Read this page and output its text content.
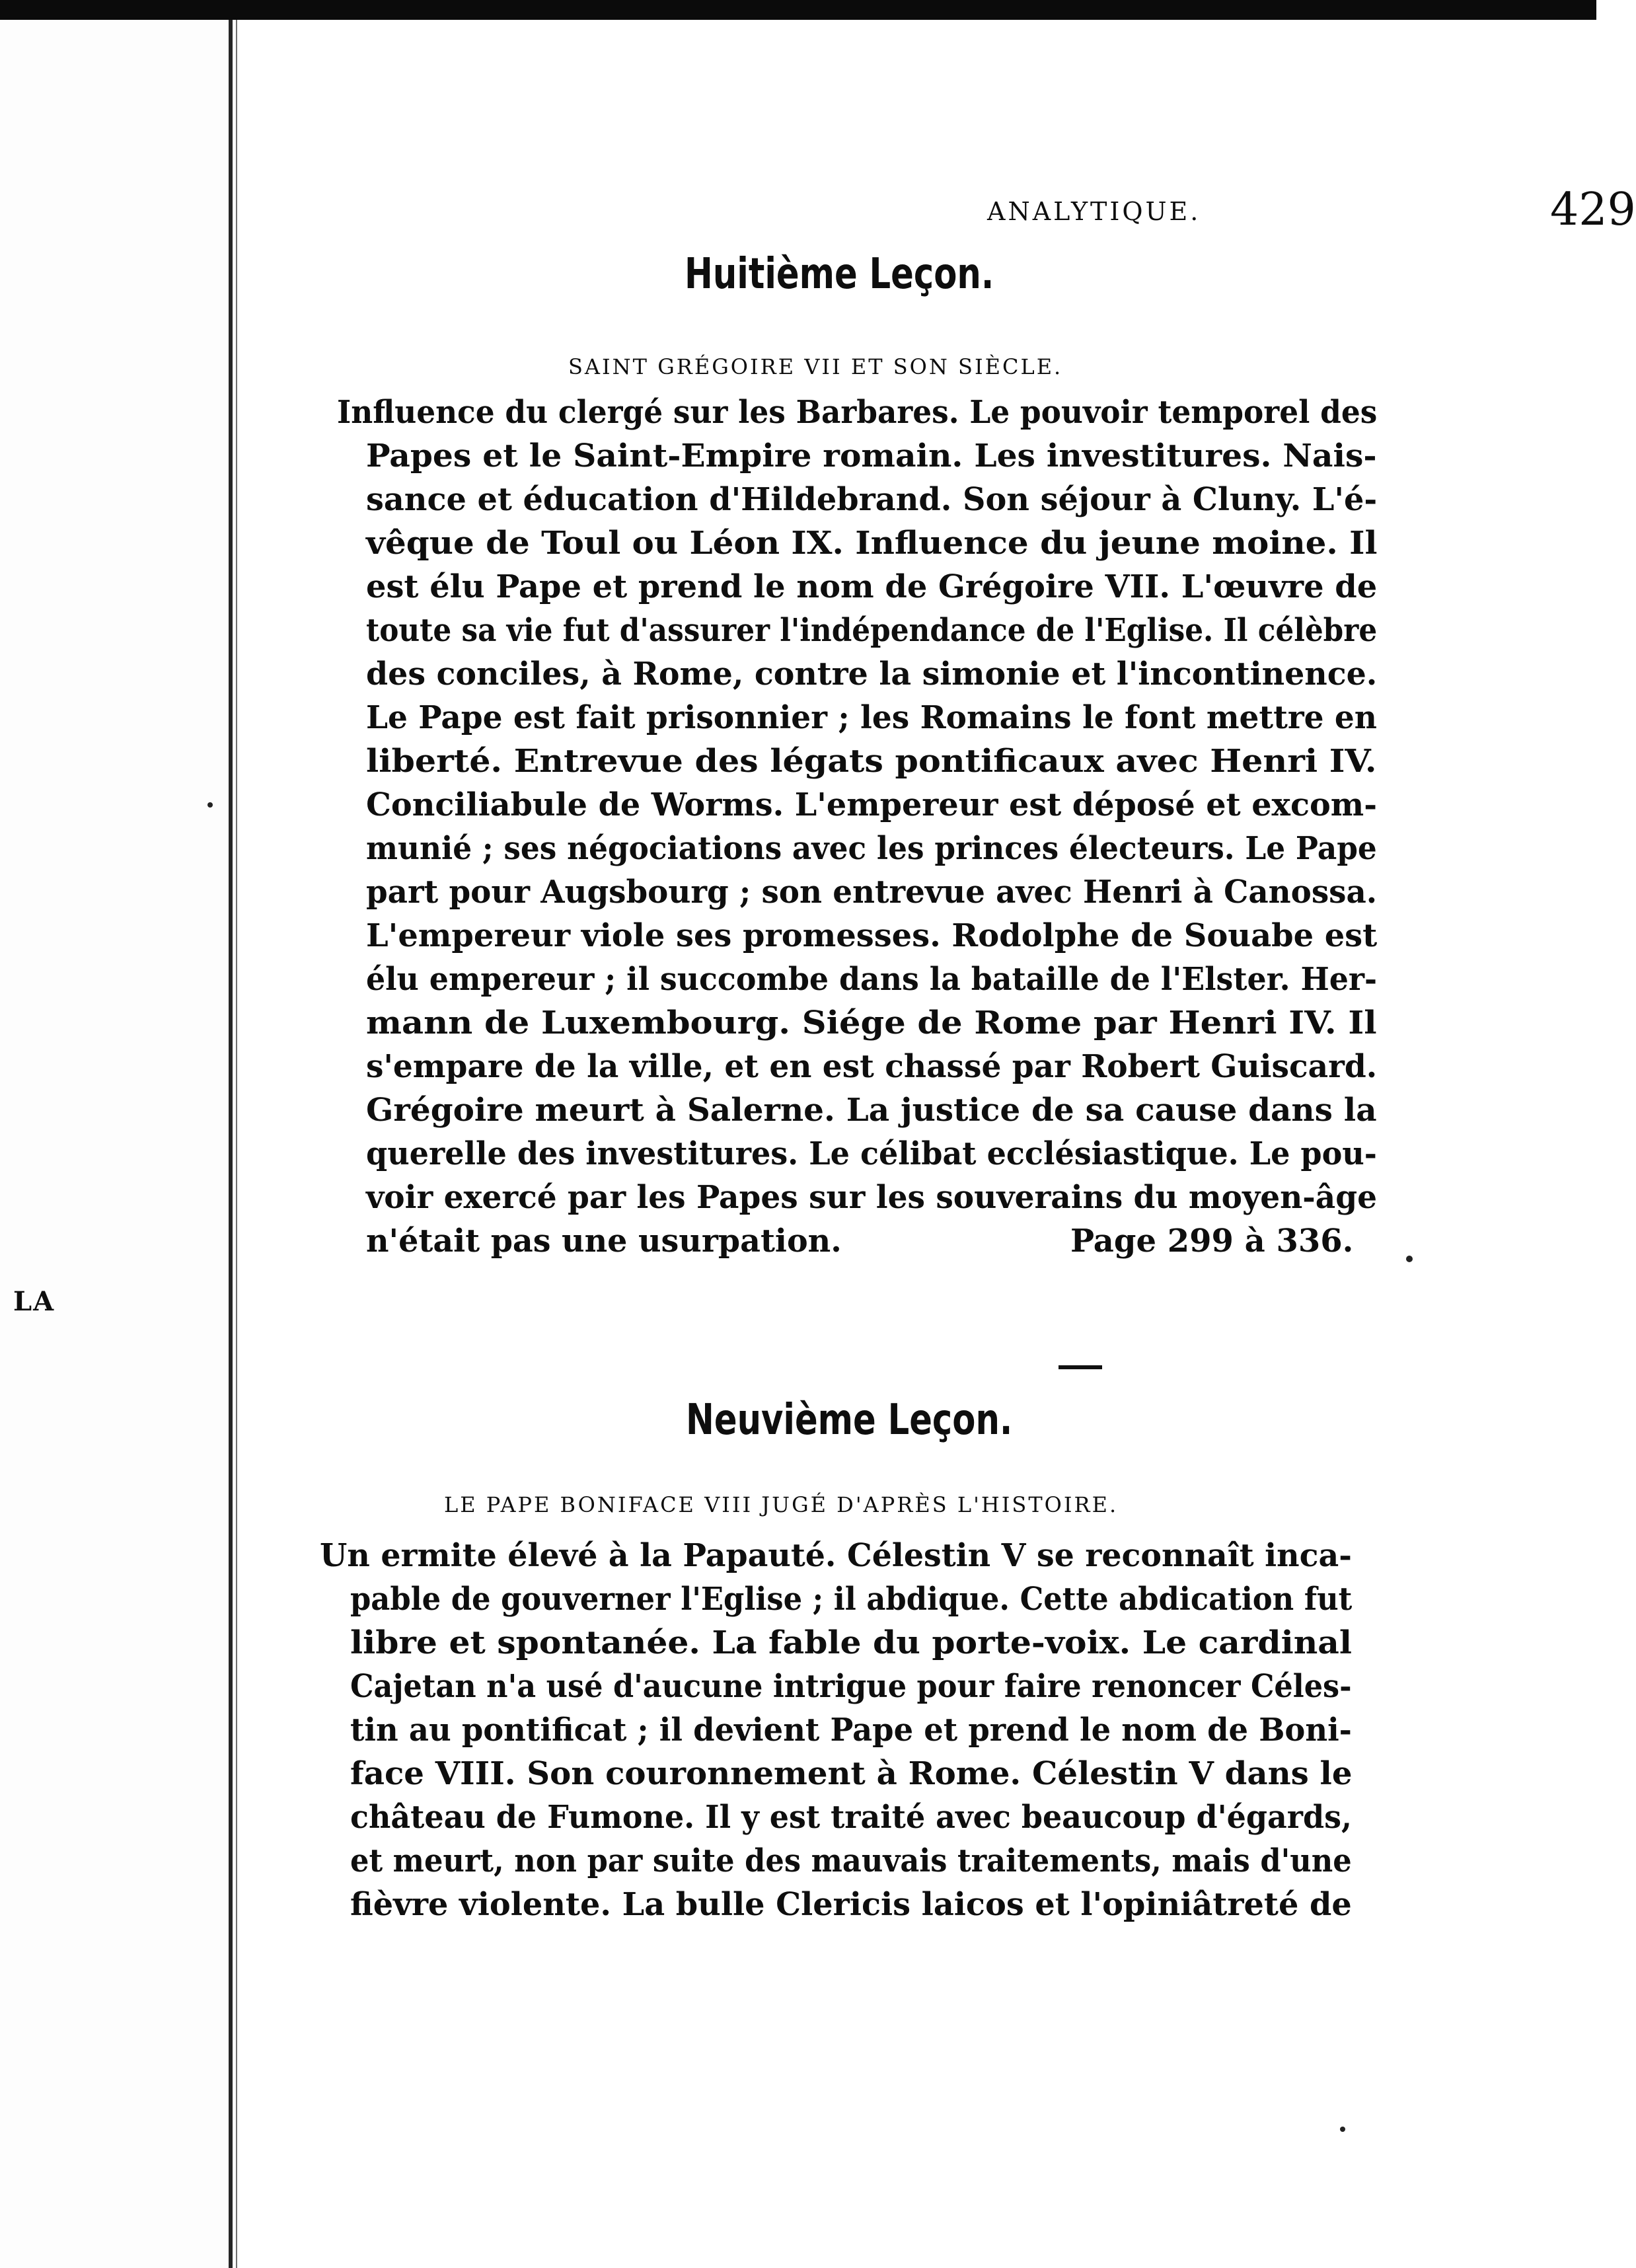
LA
ANALYTIQUE.	429
Huitième Leçon.
SAINT GRÉGOIRE VII ET SON SIÈCLE.
Influence du clergé sur les Barbares. Le pouvoir temporel des
Papes et le Saint-Empire romain. Les investitures. Nais-
sance et éducation d'Hildebrand. Son séjour à Cluny. L'é-
vêque de Toul ou Léon IX. Influence du jeune moine. Il
est élu Pape et prend le nom de Grégoire VII. L'œuvre de
toute sa vie fut d'assurer l'indépendance de l'Eglise. Il célèbre
des conciles, à Rome, contre la simonie et l'incontinence.
Le Pape est fait prisonnier ; les Romains le font mettre en
liberté. Entrevue des légats pontificaux avec Henri IV.
Conciliabule de Worms. L'empereur est déposé et excom-
munié ; ses négociations avec les princes électeurs. Le Pape
part pour Augsbourg ; son entrevue avec Henri à Canossa.
L'empereur viole ses promesses. Rodolphe de Souabe est
élu empereur ; il succombe dans la bataille de l'Elster. Her-
mann de Luxembourg. Siége de Rome par Henri IV. Il
s'empare de la ville, et en est chassé par Robert Guiscard.
Grégoire meurt à Salerne. La justice de sa cause dans la
querelle des investitures. Le célibat ecclésiastique. Le pou-
voir exercé par les Papes sur les souverains du moyen-âge
n'était pas une usurpation.	Page 299 à 336.
Neuvième Leçon.
LE PAPE BONIFACE VIII JUGÉ D'APRÈS L'HISTOIRE.
Un ermite élevé à la Papauté. Célestin V se reconnaît inca-
pable de gouverner l'Eglise ; il abdique. Cette abdication fut
libre et spontanée. La fable du porte-voix. Le cardinal
Cajetan n'a usé d'aucune intrigue pour faire renoncer Céles-
tin au pontificat ; il devient Pape et prend le nom de Boni-
face VIII. Son couronnement à Rome. Célestin V dans le
château de Fumone. Il y est traité avec beaucoup d'égards,
et meurt, non par suite des mauvais traitements, mais d'une
fièvre violente. La bulle Clericis laicos et l'opiniâtreté de
